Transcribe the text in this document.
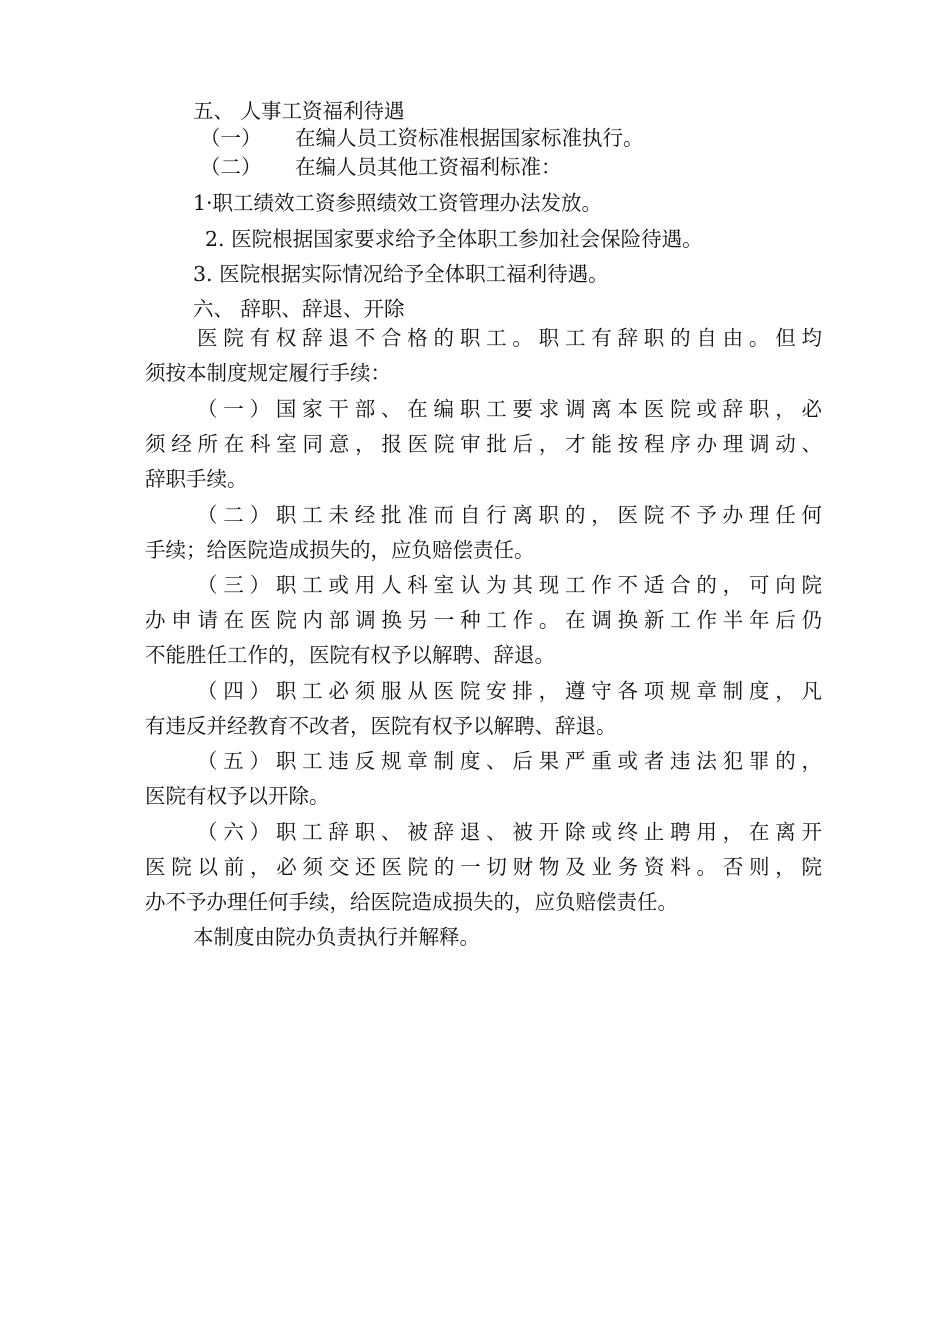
五、 人事工资福利待遇
（一） 在编人员工资标准根据国家标准执行。
（二） 在编人员其他工资福利标准：
1·职工绩效工资参照绩效工资管理办法发放。
2. 医院根据国家要求给予全体职工参加社会保险待遇。
3. 医院根据实际情况给予全体职工福利待遇。
六、 辞职、辞退、开除
医院有权辞退不合格的职工。职工有辞职的自由。但均
须按本制度规定履行手续：
（一）国家干部、在编职工要求调离本医院或辞职，必
须经所在科室同意，报医院审批后，才能按程序办理调动、
辞职手续。
（二）职工未经批准而自行离职的，医院不予办理任何
手续；给医院造成损失的，应负赔偿责任。
（三）职工或用人科室认为其现工作不适合的，可向院
办申请在医院内部调换另一种工作。在调换新工作半年后仍
不能胜任工作的，医院有权予以解聘、辞退。
（四）职工必须服从医院安排，遵守各项规章制度，凡
有违反并经教育不改者，医院有权予以解聘、辞退。
（五）职工违反规章制度、后果严重或者违法犯罪的，
医院有权予以开除。
（六）职工辞职、被辞退、被开除或终止聘用，在离开
医院以前，必须交还医院的一切财物及业务资料。否则，院
办不予办理任何手续，给医院造成损失的，应负赔偿责任。
本制度由院办负责执行并解释。
